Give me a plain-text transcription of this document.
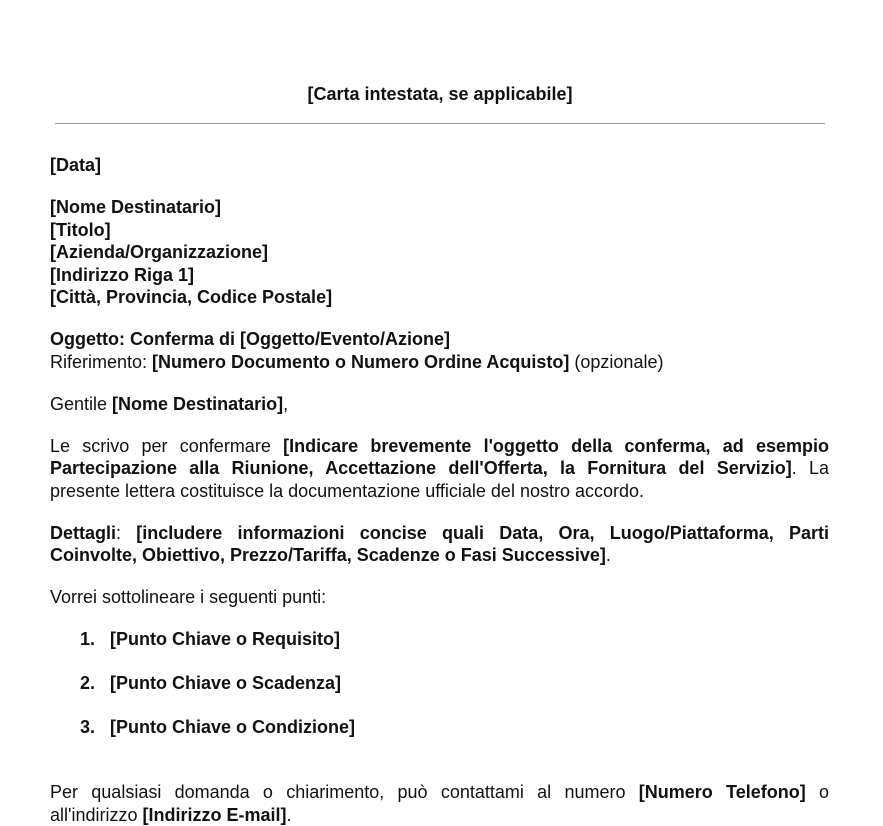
[Carta intestata, se applicabile]

[Data]

[Nome Destinatario]

[Titolo]

[Azienda/Organizzazione]

[Indirizzo Riga 1]

[Città, Provincia, Codice Postale]

Oggetto: Conferma di [Oggetto/Evento/Azione]

Riferimento: [Numero Documento o Numero Ordine Acquisto] (opzionale)

Gentile [Nome Destinatario],

Le scrivo per confermare [Indicare brevemente l'oggetto della conferma, ad esempio Partecipazione alla Riunione, Accettazione dell'Offerta, la Fornitura del Servizio]. La presente lettera costituisce la documentazione ufficiale del nostro accordo.

Dettagli: [includere informazioni concise quali Data, Ora, Luogo/Piattaforma, Parti Coinvolte, Obiettivo, Prezzo/Tariffa, Scadenze o Fasi Successive].

Vorrei sottolineare i seguenti punti:

1. [Punto Chiave o Requisito]
2. [Punto Chiave o Scadenza]
3. [Punto Chiave o Condizione]

Per qualsiasi domanda o chiarimento, può contattami al numero [Numero Telefono] o all'indirizzo [Indirizzo E-mail].
